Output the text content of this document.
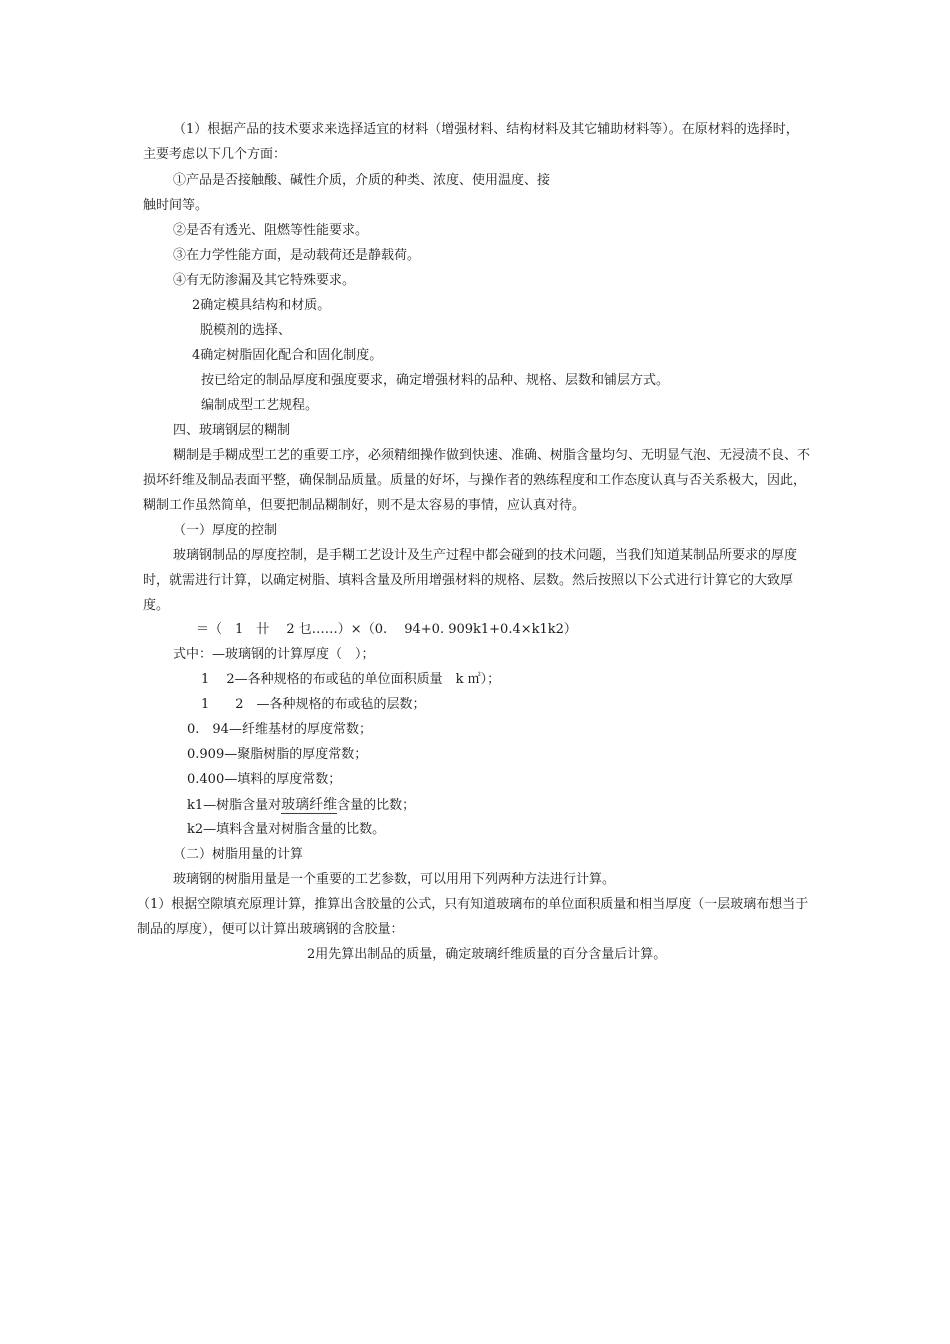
（1）根据产品的技术要求来选择适宜的材料（增强材料、结构材料及其它辅助材料等）。在原材料的选择时，主要考虑以下几个方面：
①产品是否接触酸、碱性介质，介质的种类、浓度、使用温度、接
触时间等。
②是否有透光、阻燃等性能要求。
③在力学性能方面，是动载荷还是静载荷。
④有无防渗漏及其它特殊要求。
2确定模具结构和材质。
脱模剂的选择、
4确定树脂固化配合和固化制度。
按已给定的制品厚度和强度要求，确定增强材料的品种、规格、层数和铺层方式。
编制成型工艺规程。
四、玻璃钢层的糊制
糊制是手糊成型工艺的重要工序，必须精细操作做到快速、准确、树脂含量均匀、无明显气泡、无浸渍不良、不损坏纤维及制品表面平整，确保制品质量。质量的好坏，与操作者的熟练程度和工作态度认真与否关系极大，因此，糊制工作虽然简单，但要把制品糊制好，则不是太容易的事情，应认真对待。
（一）厚度的控制
玻璃钢制品的厚度控制，是手糊工艺设计及生产过程中都会碰到的技术问题，当我们知道某制品所要求的厚度时，就需进行计算，以确定树脂、填料含量及所用增强材料的规格、层数。然后按照以下公式进行计算它的大致厚度。
＝（　1　卄　 2 乜……）×（0.　 94+0. 909k1+0.4×k1k2）
式中：—玻璃钢的计算厚度（　）；
1　 2—各种规格的布或毡的单位面积质量　k ㎡）；
1　　2　—各种规格的布或毡的层数；
0.　94—纤维基材的厚度常数；
0.909—聚脂树脂的厚度常数；
0.400—填料的厚度常数；
k1—树脂含量对玻璃纤维含量的比数；
k2—填料含量对树脂含量的比数。
（二）树脂用量的计算
玻璃钢的树脂用量是一个重要的工艺参数，可以用用下列两种方法进行计算。
（1）根据空隙填充原理计算，推算出含胶量的公式，只有知道玻璃布的单位面积质量和相当厚度（一层玻璃布想当于制品的厚度），便可以计算出玻璃钢的含胶量：
2用先算出制品的质量，确定玻璃纤维质量的百分含量后计算。
